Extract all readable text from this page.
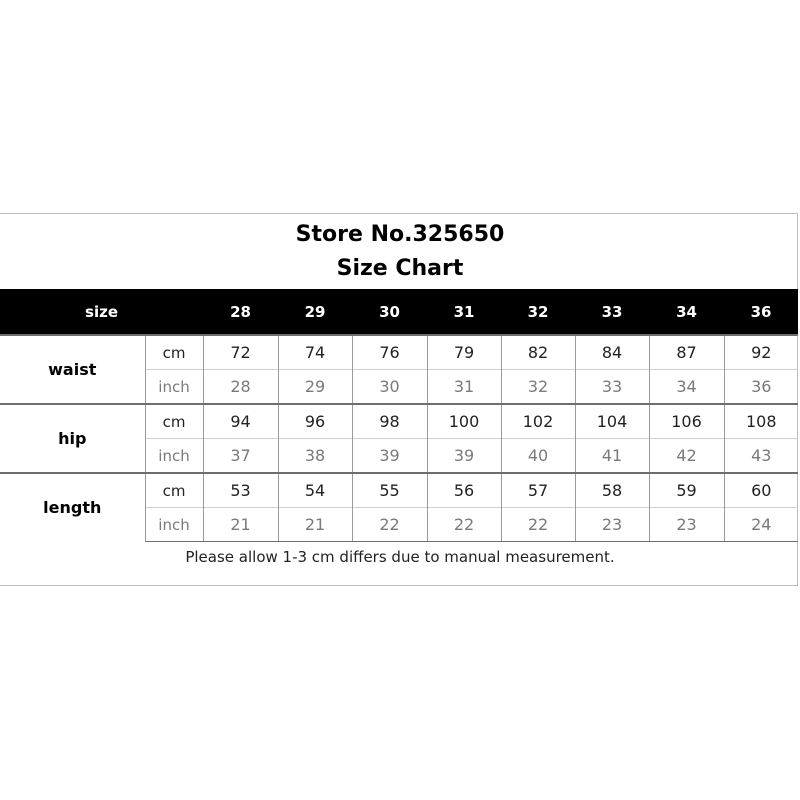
Store No.325650
Size Chart
size		28	29	30	31	32	33	34	36
waist	cm	72	74	76	79	82	84	87	92
	inch	28	29	30	31	32	33	34	36
hip	cm	94	96	98	100	102	104	106	108
	inch	37	38	39	39	40	41	42	43
length	cm	53	54	55	56	57	58	59	60
	inch	21	21	22	22	22	23	23	24
Please allow 1-3 cm differs due to manual measurement.
